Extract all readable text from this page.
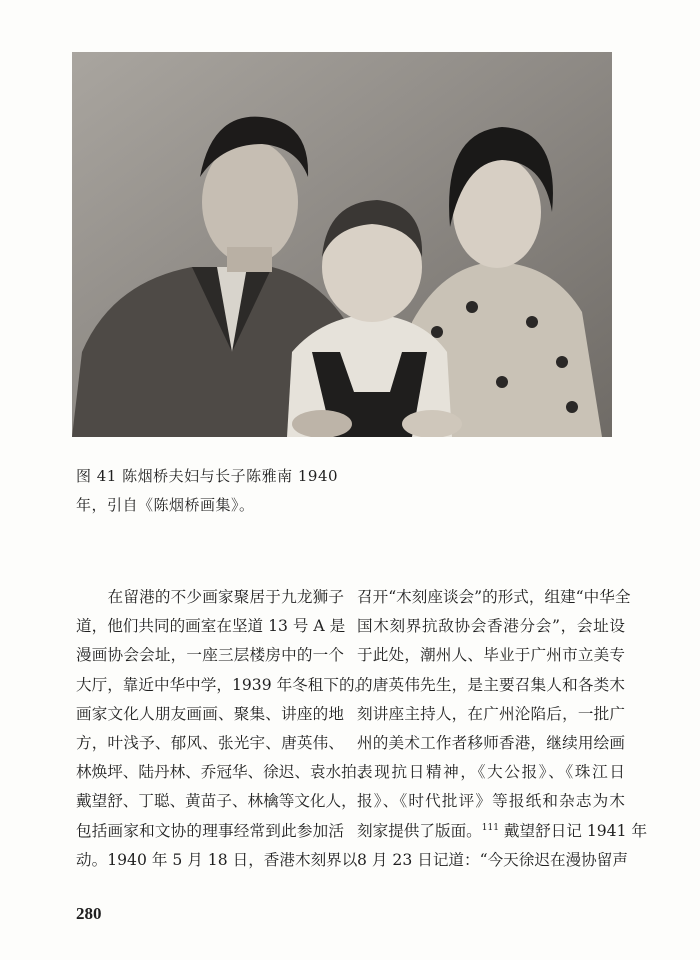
图 41 陈烟桥夫妇与长子陈雅南 1940
年，引自《陈烟桥画集》。
　　在留港的不少画家聚居于九龙狮子
道，他们共同的画室在坚道 13 号 A 是
漫画协会会址，一座三层楼房中的一个
大厅，靠近中华中学，1939 年冬租下的。
画家文化人朋友画画、聚集、讲座的地
方，叶浅予、郁风、张光宇、唐英伟、
林焕坪、陆丹林、乔冠华、徐迟、袁水拍、
戴望舒、丁聪、黄苗子、林檎等文化人，
包括画家和文协的理事经常到此参加活
动。1940 年 5 月 18 日，香港木刻界以
召开“木刻座谈会”的形式，组建“中华全
国木刻界抗敌协会香港分会”，会址设
于此处，潮州人、毕业于广州市立美专
的唐英伟先生，是主要召集人和各类木
刻讲座主持人，在广州沦陷后，一批广
州的美术工作者移师香港，继续用绘画
表现抗日精神，《大公报》、《珠江日
报》、《时代批评》等报纸和杂志为木
刻家提供了版面。$^{111}$ 戴望舒日记 1941 年
8 月 23 日记道：“今天徐迟在漫协留声
280
